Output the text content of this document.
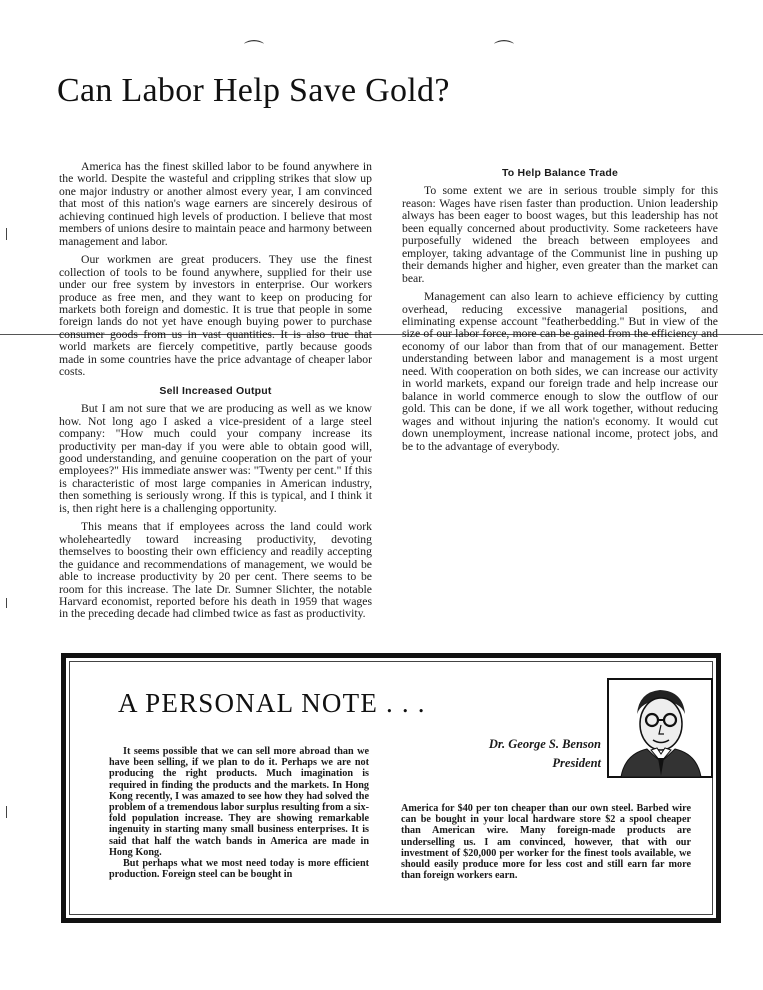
⌒	⌒
Can Labor Help Save Gold?

America has the finest skilled labor to be found anywhere in the world. Despite the wasteful and crippling strikes that slow up one major industry or another almost every year, I am convinced that most of this nation's wage earners are sincerely desirous of achieving continued high levels of production. I believe that most members of unions desire to maintain peace and harmony between management and labor.

Our workmen are great producers. They use the finest collection of tools to be found anywhere, supplied for their use under our free system by investors in enterprise. Our workers produce as free men, and they want to keep on producing for markets both foreign and domestic. It is true that people in some foreign lands do not yet have enough buying power to purchase consumer goods from us in vast quantities. It is also true that world markets are fiercely competitive, partly because goods made in some countries have the price advantage of cheaper labor costs.

Sell Increased Output

But I am not sure that we are producing as well as we know how. Not long ago I asked a vice-president of a large steel company: "How much could your company increase its productivity per man-day if you were able to obtain good will, good understanding, and genuine cooperation on the part of your employees?" His immediate answer was: "Twenty per cent." If this is characteristic of most large companies in American industry, then something is seriously wrong. If this is typical, and I think it is, then right here is a challenging opportunity.

This means that if employees across the land could work wholeheartedly toward increasing productivity, devoting themselves to boosting their own efficiency and readily accepting the guidance and recommendations of management, we would be able to increase productivity by 20 per cent. There seems to be room for this increase. The late Dr. Sumner Slichter, the notable Harvard economist, reported before his death in 1959 that wages in the preceding decade had climbed twice as fast as productivity.

To Help Balance Trade

To some extent we are in serious trouble simply for this reason: Wages have risen faster than production. Union leadership always has been eager to boost wages, but this leadership has not been equally concerned about productivity. Some racketeers have purposefully widened the breach between employees and employer, taking advantage of the Communist line in pushing up their demands higher and higher, even greater than the market can bear.

Management can also learn to achieve efficiency by cutting overhead, reducing excessive managerial positions, and eliminating expense account "featherbedding." But in view of the size of our labor force, more can be gained from the efficiency and economy of our labor than from that of our management. Better understanding between labor and management is a most urgent need. With cooperation on both sides, we can increase our activity in world markets, expand our foreign trade and help increase our balance in world commerce enough to slow the outflow of our gold. This can be done, if we all work together, without reducing wages and without injuring the nation's economy. It would cut down unemployment, increase national income, protect jobs, and be to the advantage of everybody.

A PERSONAL NOTE . . .

It seems possible that we can sell more abroad than we have been selling, if we plan to do it. Perhaps we are not producing the right products. Much imagination is required in finding the products and the markets. In Hong Kong recently, I was amazed to see how they had solved the problem of a tremendous labor surplus resulting from a six-fold population increase. They are showing remarkable ingenuity in starting many small business enterprises. It is said that half the watch bands in America are made in Hong Kong.

But perhaps what we most need today is more efficient production. Foreign steel can be bought in

Dr. George S. Benson
President

America for $40 per ton cheaper than our own steel. Barbed wire can be bought in your local hardware store $2 a spool cheaper than American wire. Many foreign-made products are underselling us. I am convinced, however, that with our investment of $20,000 per worker for the finest tools available, we should easily produce more for less cost and still earn far more than foreign workers earn.
